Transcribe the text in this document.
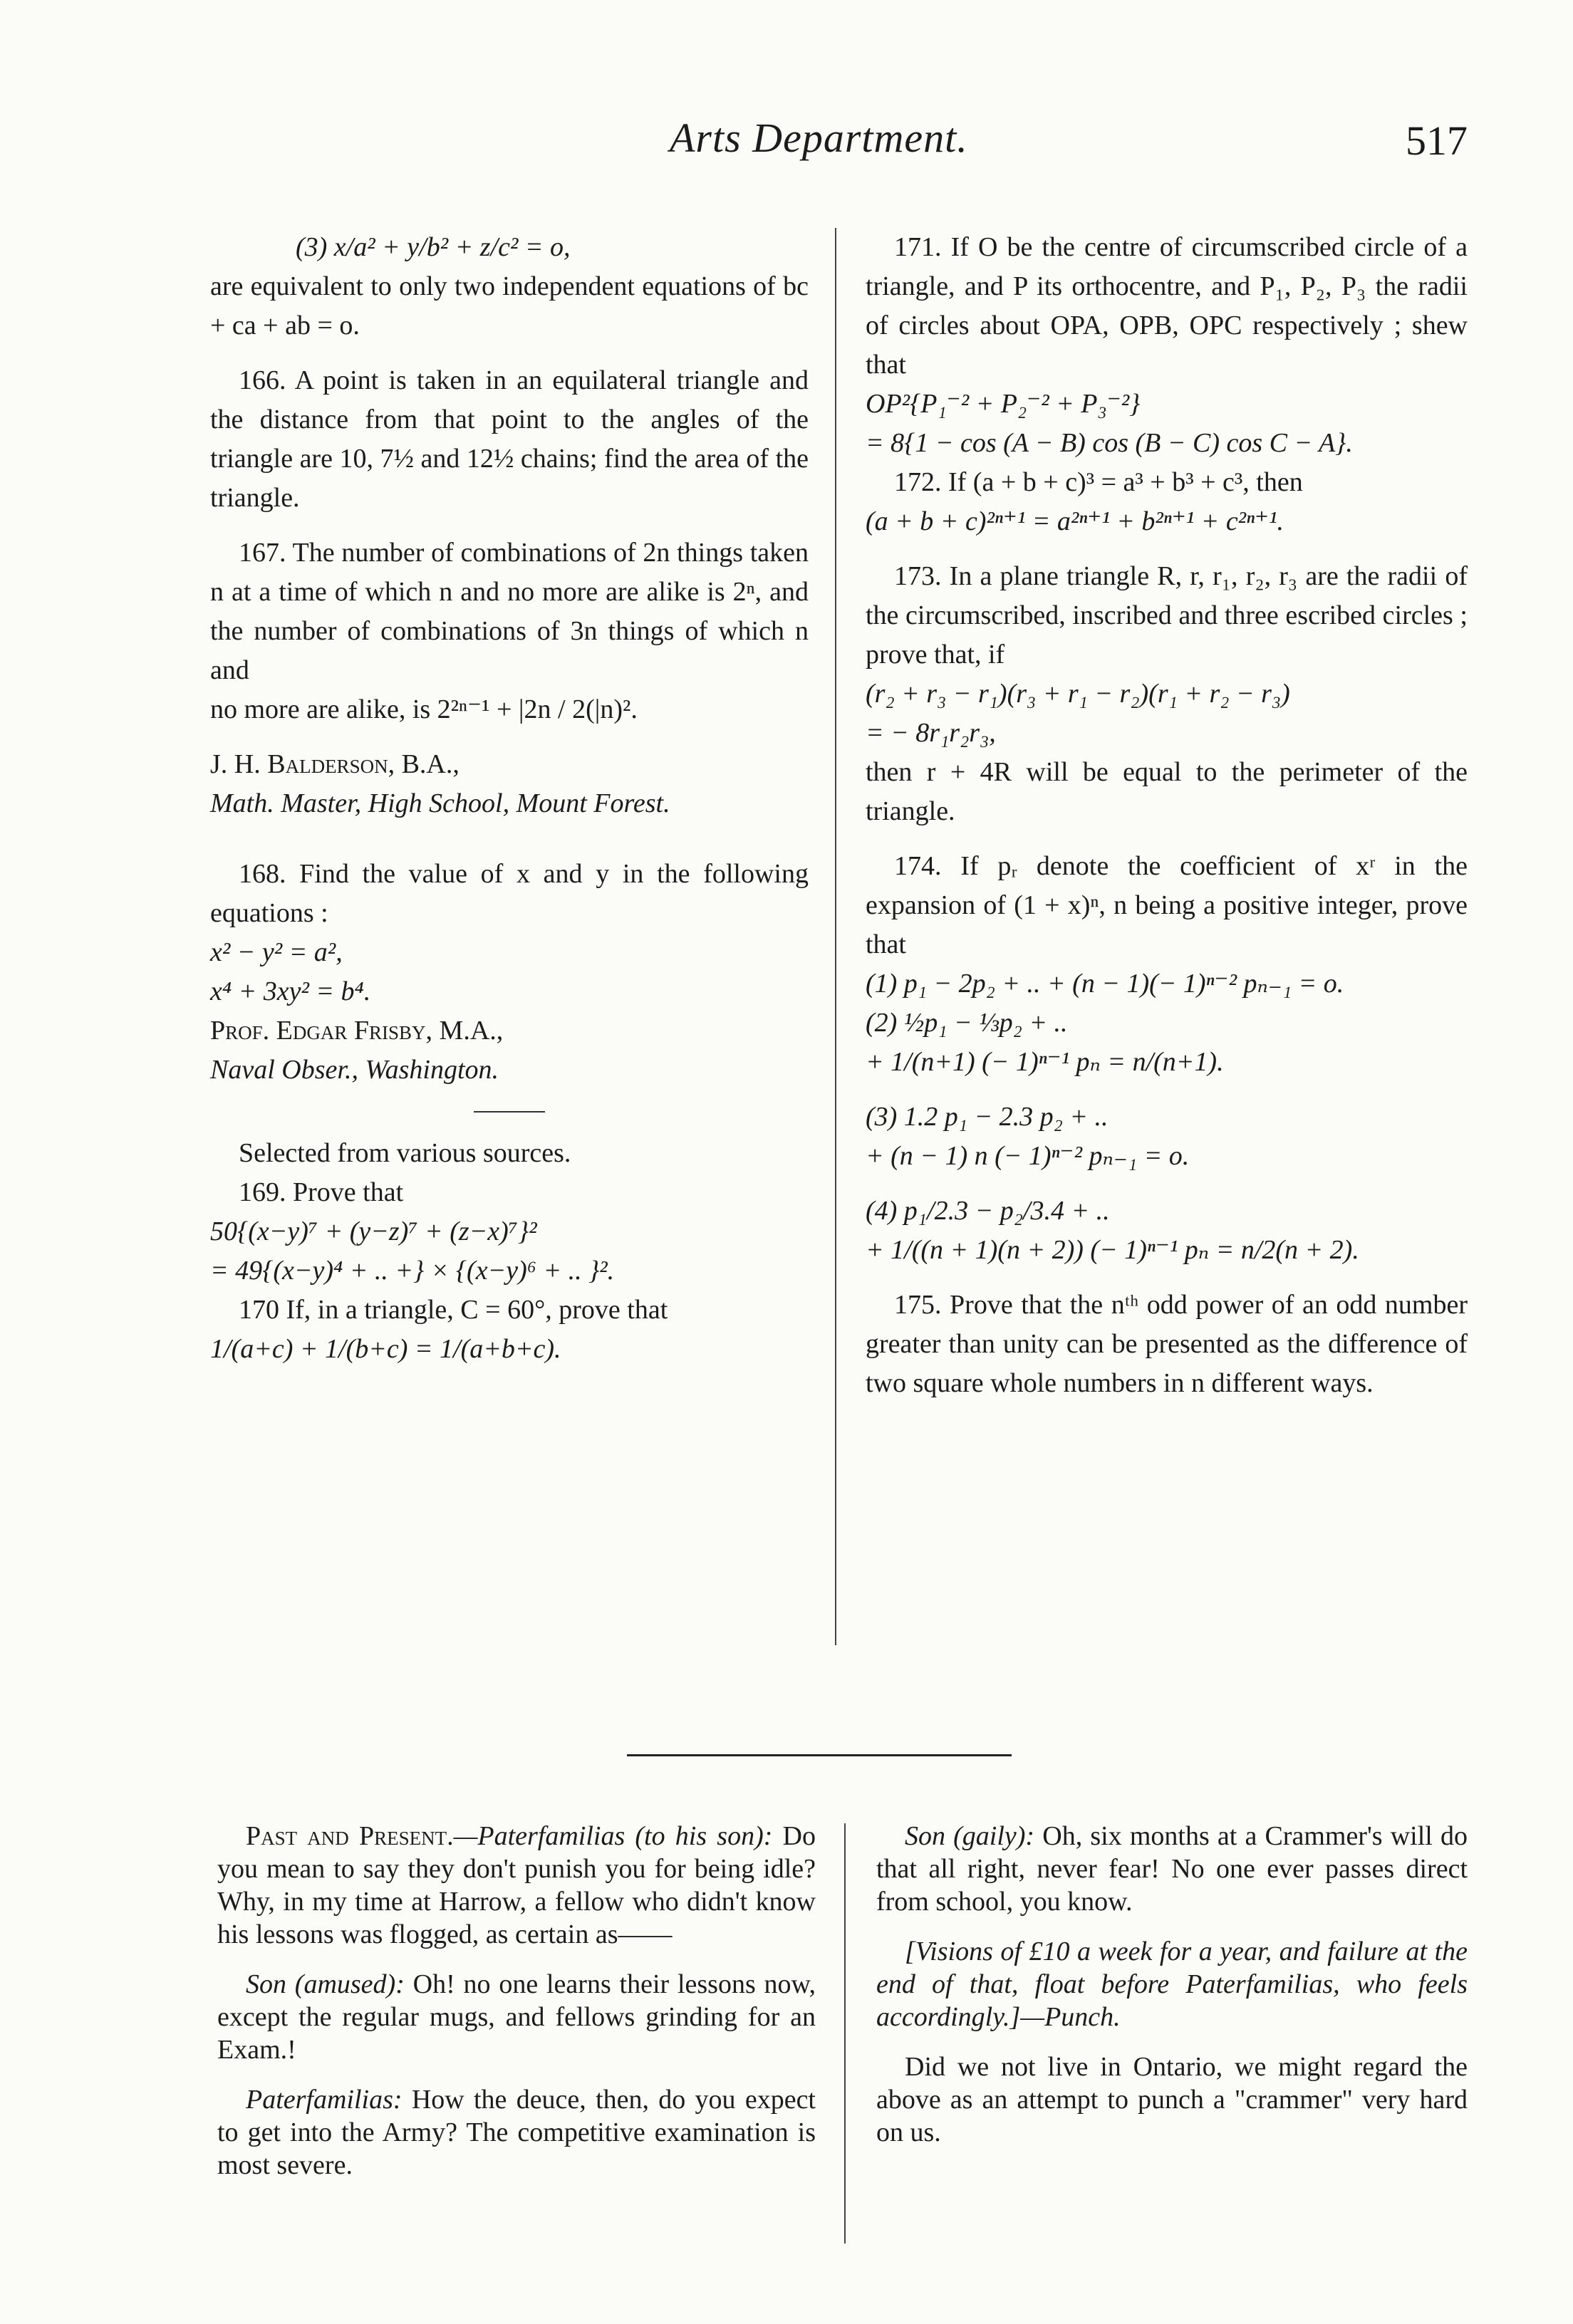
Arts Department.	517

(3) x/a² + y/b² + z/c² = o,

are equivalent to only two independent equations of bc + ca + ab = o.

166. A point is taken in an equilateral triangle and the distance from that point to the angles of the triangle are 10, 7½ and 12½ chains; find the area of the triangle.

167. The number of combinations of 2n things taken n at a time of which n and no more are alike is 2ⁿ, and the number of combinations of 3n things of which n and

no more are alike, is 2²ⁿ⁻¹ + |2n / 2(|n)².

J. H. Balderson, B.A.,

Math. Master, High School, Mount Forest.

168. Find the value of x and y in the following equations :

x² − y² = a²,

x⁴ + 3xy² = b⁴.

Prof. Edgar Frisby, M.A.,

Naval Obser., Washington.

Selected from various sources.

169. Prove that

50{(x−y)⁷ + (y−z)⁷ + (z−x)⁷}²

= 49{(x−y)⁴ + .. +} × {(x−y)⁶ + .. }².

170 If, in a triangle, C = 60°, prove that

1/(a+c) + 1/(b+c) = 1/(a+b+c).

171. If O be the centre of circumscribed circle of a triangle, and P its orthocentre, and P₁, P₂, P₃ the radii of circles about OPA, OPB, OPC respectively ; shew that

OP²{P₁⁻² + P₂⁻² + P₃⁻²}

= 8{1 − cos (A − B) cos (B − C) cos C − A}.

172. If (a + b + c)³ = a³ + b³ + c³, then

(a + b + c)²ⁿ⁺¹ = a²ⁿ⁺¹ + b²ⁿ⁺¹ + c²ⁿ⁺¹.

173. In a plane triangle R, r, r₁, r₂, r₃ are the radii of the circumscribed, inscribed and three escribed circles ; prove that, if

(r₂ + r₃ − r₁)(r₃ + r₁ − r₂)(r₁ + r₂ − r₃)

= − 8r₁r₂r₃,

then r + 4R will be equal to the perimeter of the triangle.

174. If pᵣ denote the coefficient of xʳ in the expansion of (1 + x)ⁿ, n being a positive integer, prove that

(1) p₁ − 2p₂ + .. + (n − 1)(− 1)ⁿ⁻² pₙ₋₁ = o.

(2) ½p₁ − ⅓p₂ + ..

+ 1/(n+1) (− 1)ⁿ⁻¹ pₙ = n/(n+1).

(3) 1.2 p₁ − 2.3 p₂ + ..

+ (n − 1) n (− 1)ⁿ⁻² pₙ₋₁ = o.

(4) p₁/2.3 − p₂/3.4 + ..

+ 1/((n + 1)(n + 2)) (− 1)ⁿ⁻¹ pₙ = n/2(n + 2).

175. Prove that the nᵗʰ odd power of an odd number greater than unity can be presented as the difference of two square whole numbers in n different ways.

Past and Present.—Paterfamilias (to his son): Do you mean to say they don't punish you for being idle? Why, in my time at Harrow, a fellow who didn't know his lessons was flogged, as certain as——

Son (amused): Oh! no one learns their lessons now, except the regular mugs, and fellows grinding for an Exam.!

Paterfamilias: How the deuce, then, do you expect to get into the Army? The competitive examination is most severe.

Son (gaily): Oh, six months at a Crammer's will do that all right, never fear! No one ever passes direct from school, you know.

[Visions of £10 a week for a year, and failure at the end of that, float before Paterfamilias, who feels accordingly.]—Punch.

Did we not live in Ontario, we might regard the above as an attempt to punch a "crammer" very hard on us.
